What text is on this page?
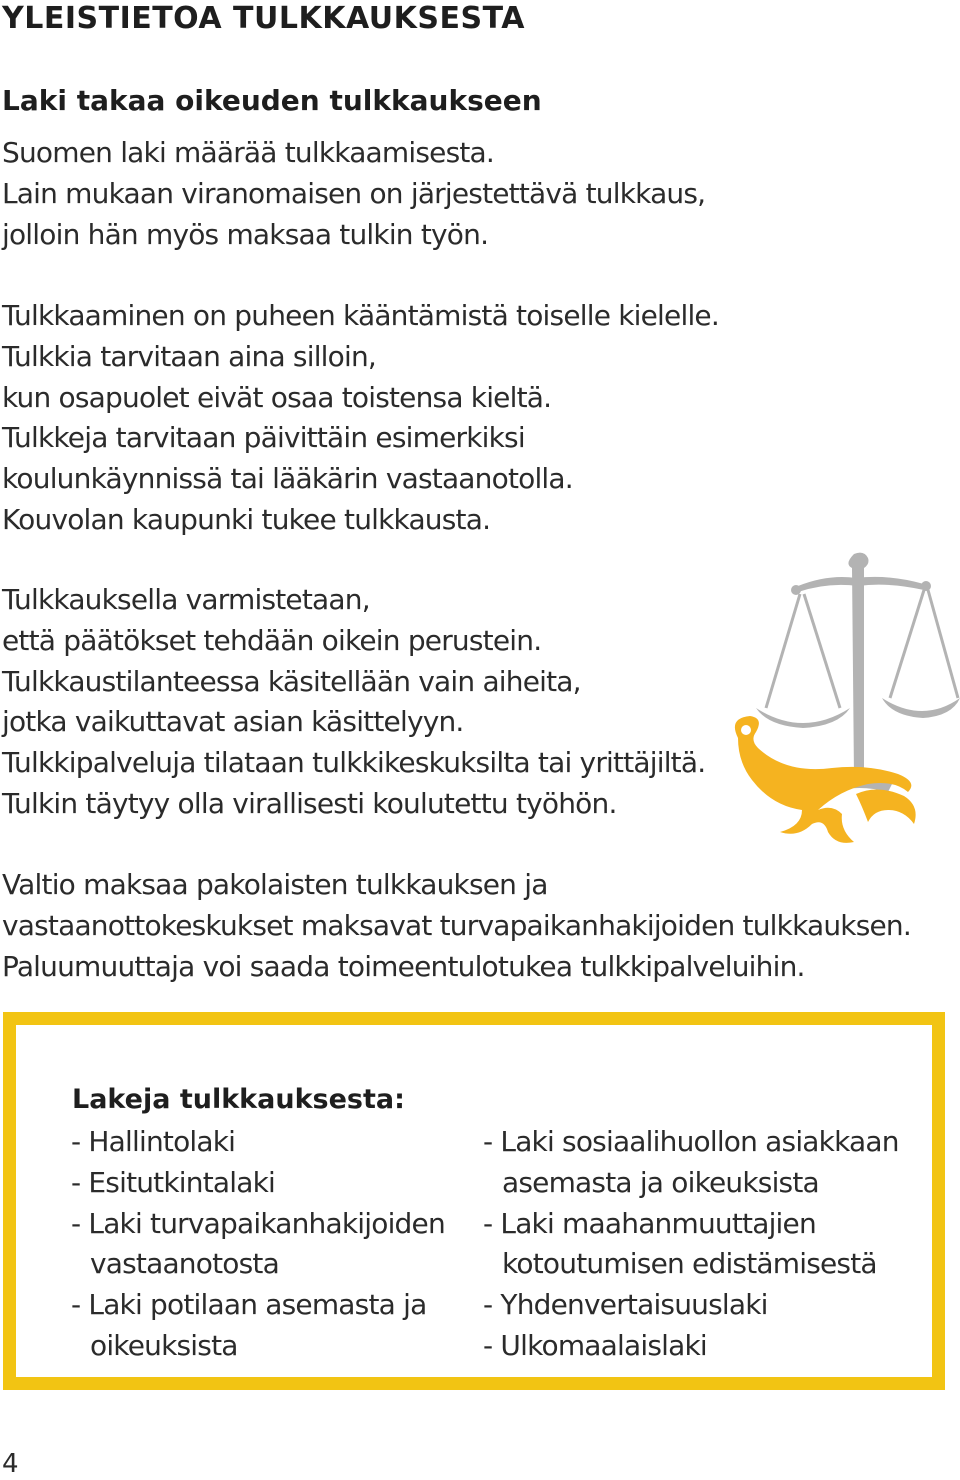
YLEISTIETOA TULKKAUKSESTA
Laki takaa oikeuden tulkkaukseen
Suomen laki määrää tulkkaamisesta.
Lain mukaan viranomaisen on järjestettävä tulkkaus,
jolloin hän myös maksaa tulkin työn.
Tulkkaaminen on puheen kääntämistä toiselle kielelle.
Tulkkia tarvitaan aina silloin,
kun osapuolet eivät osaa toistensa kieltä.
Tulkkeja tarvitaan päivittäin esimerkiksi
koulunkäynnissä tai lääkärin vastaanotolla.
Kouvolan kaupunki tukee tulkkausta.
Tulkkauksella varmistetaan,
että päätökset tehdään oikein perustein.
Tulkkaustilanteessa käsitellään vain aiheita,
jotka vaikuttavat asian käsittelyyn.
Tulkkipalveluja tilataan tulkkikeskuksilta tai yrittäjiltä.
Tulkin täytyy olla virallisesti koulutettu työhön.
Valtio maksaa pakolaisten tulkkauksen ja
vastaanottokeskukset maksavat turvapaikanhakijoiden tulkkauksen.
Paluumuuttaja voi saada toimeentulotukea tulkkipalveluihin.
Lakeja tulkkauksesta:
- Hallintolaki
- Esitutkintalaki
- Laki turvapaikanhakijoiden
vastaanotosta
- Laki potilaan asemasta ja
oikeuksista
- Laki sosiaalihuollon asiakkaan
asemasta ja oikeuksista
- Laki maahanmuuttajien
kotoutumisen edistämisestä
- Yhdenvertaisuuslaki
- Ulkomaalaislaki
4
